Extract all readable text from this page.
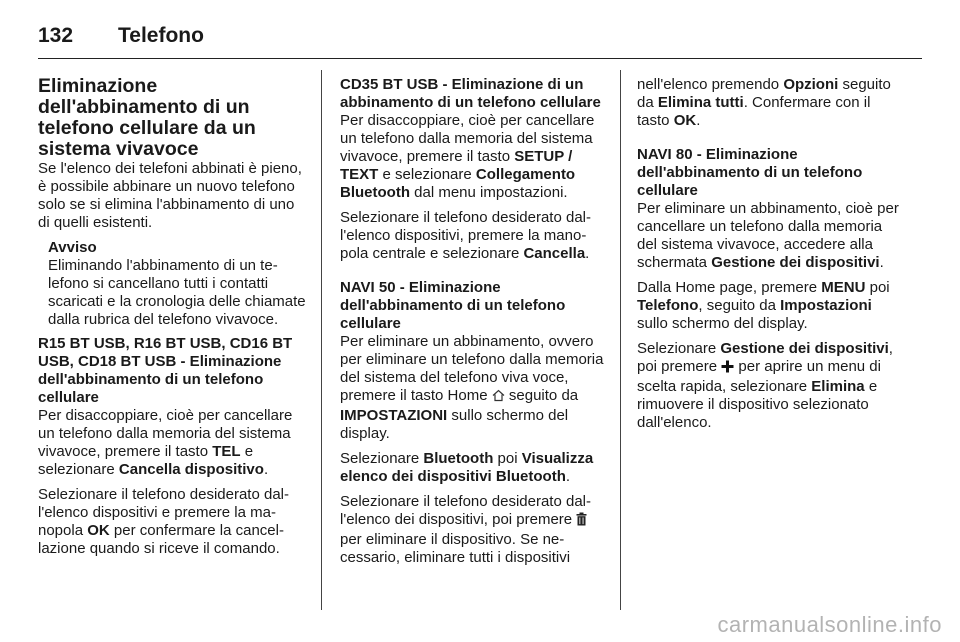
132	Telefono
Eliminazione dell'abbinamento di un telefono cellulare da un sistema vivavoce

Se l'elenco dei telefoni abbinati è pieno, è possibile abbinare un nuovo telefono solo se si elimina l'abbinamento di uno di quelli esistenti.

Avviso
Eliminando l'abbinamento di un telefono si cancellano tutti i contatti scaricati e la cronologia delle chiamate dalla rubrica del telefono vivavoce.
R15 BT USB, R16 BT USB, CD16 BT USB, CD18 BT USB - Eliminazione dell'abbinamento di un telefono cellulare

Per disaccoppiare, cioè per cancellare un telefono dalla memoria del sistema vivavoce, premere il tasto TEL e selezionare Cancella dispositivo.

Selezionare il telefono desiderato dall'elenco dispositivi e premere la manopola OK per confermare la cancellazione quando si riceve il comando.

CD35 BT USB - Eliminazione di un abbinamento di un telefono cellulare

Per disaccoppiare, cioè per cancellare un telefono dalla memoria del sistema vivavoce, premere il tasto SETUP / TEXT e selezionare Collegamento Bluetooth dal menu impostazioni.

Selezionare il telefono desiderato dall'elenco dispositivi, premere la manopola centrale e selezionare Cancella.

NAVI 50 - Eliminazione dell'abbinamento di un telefono cellulare

Per eliminare un abbinamento, ovvero per eliminare un telefono dalla memoria del sistema del telefono viva voce, premere il tasto Home seguito da IMPOSTAZIONI sullo schermo del display.

Selezionare Bluetooth poi Visualizza elenco dei dispositivi Bluetooth.

Selezionare il telefono desiderato dall'elenco dei dispositivi, poi premere  per eliminare il dispositivo. Se necessario, eliminare tutti i dispositivi

nell'elenco premendo Opzioni seguito da Elimina tutti. Confermare con il tasto OK.

NAVI 80 - Eliminazione dell'abbinamento di un telefono cellulare

Per eliminare un abbinamento, cioè per cancellare un telefono dalla memoria del sistema vivavoce, accedere alla schermata Gestione dei dispositivi.

Dalla Home page, premere MENU poi Telefono, seguito da Impostazioni sullo schermo del display.

Selezionare Gestione dei dispositivi, poi premere per aprire un menu di scelta rapida, selezionare Elimina e rimuovere il dispositivo selezionato dall'elenco.

carmanualsonline.info
